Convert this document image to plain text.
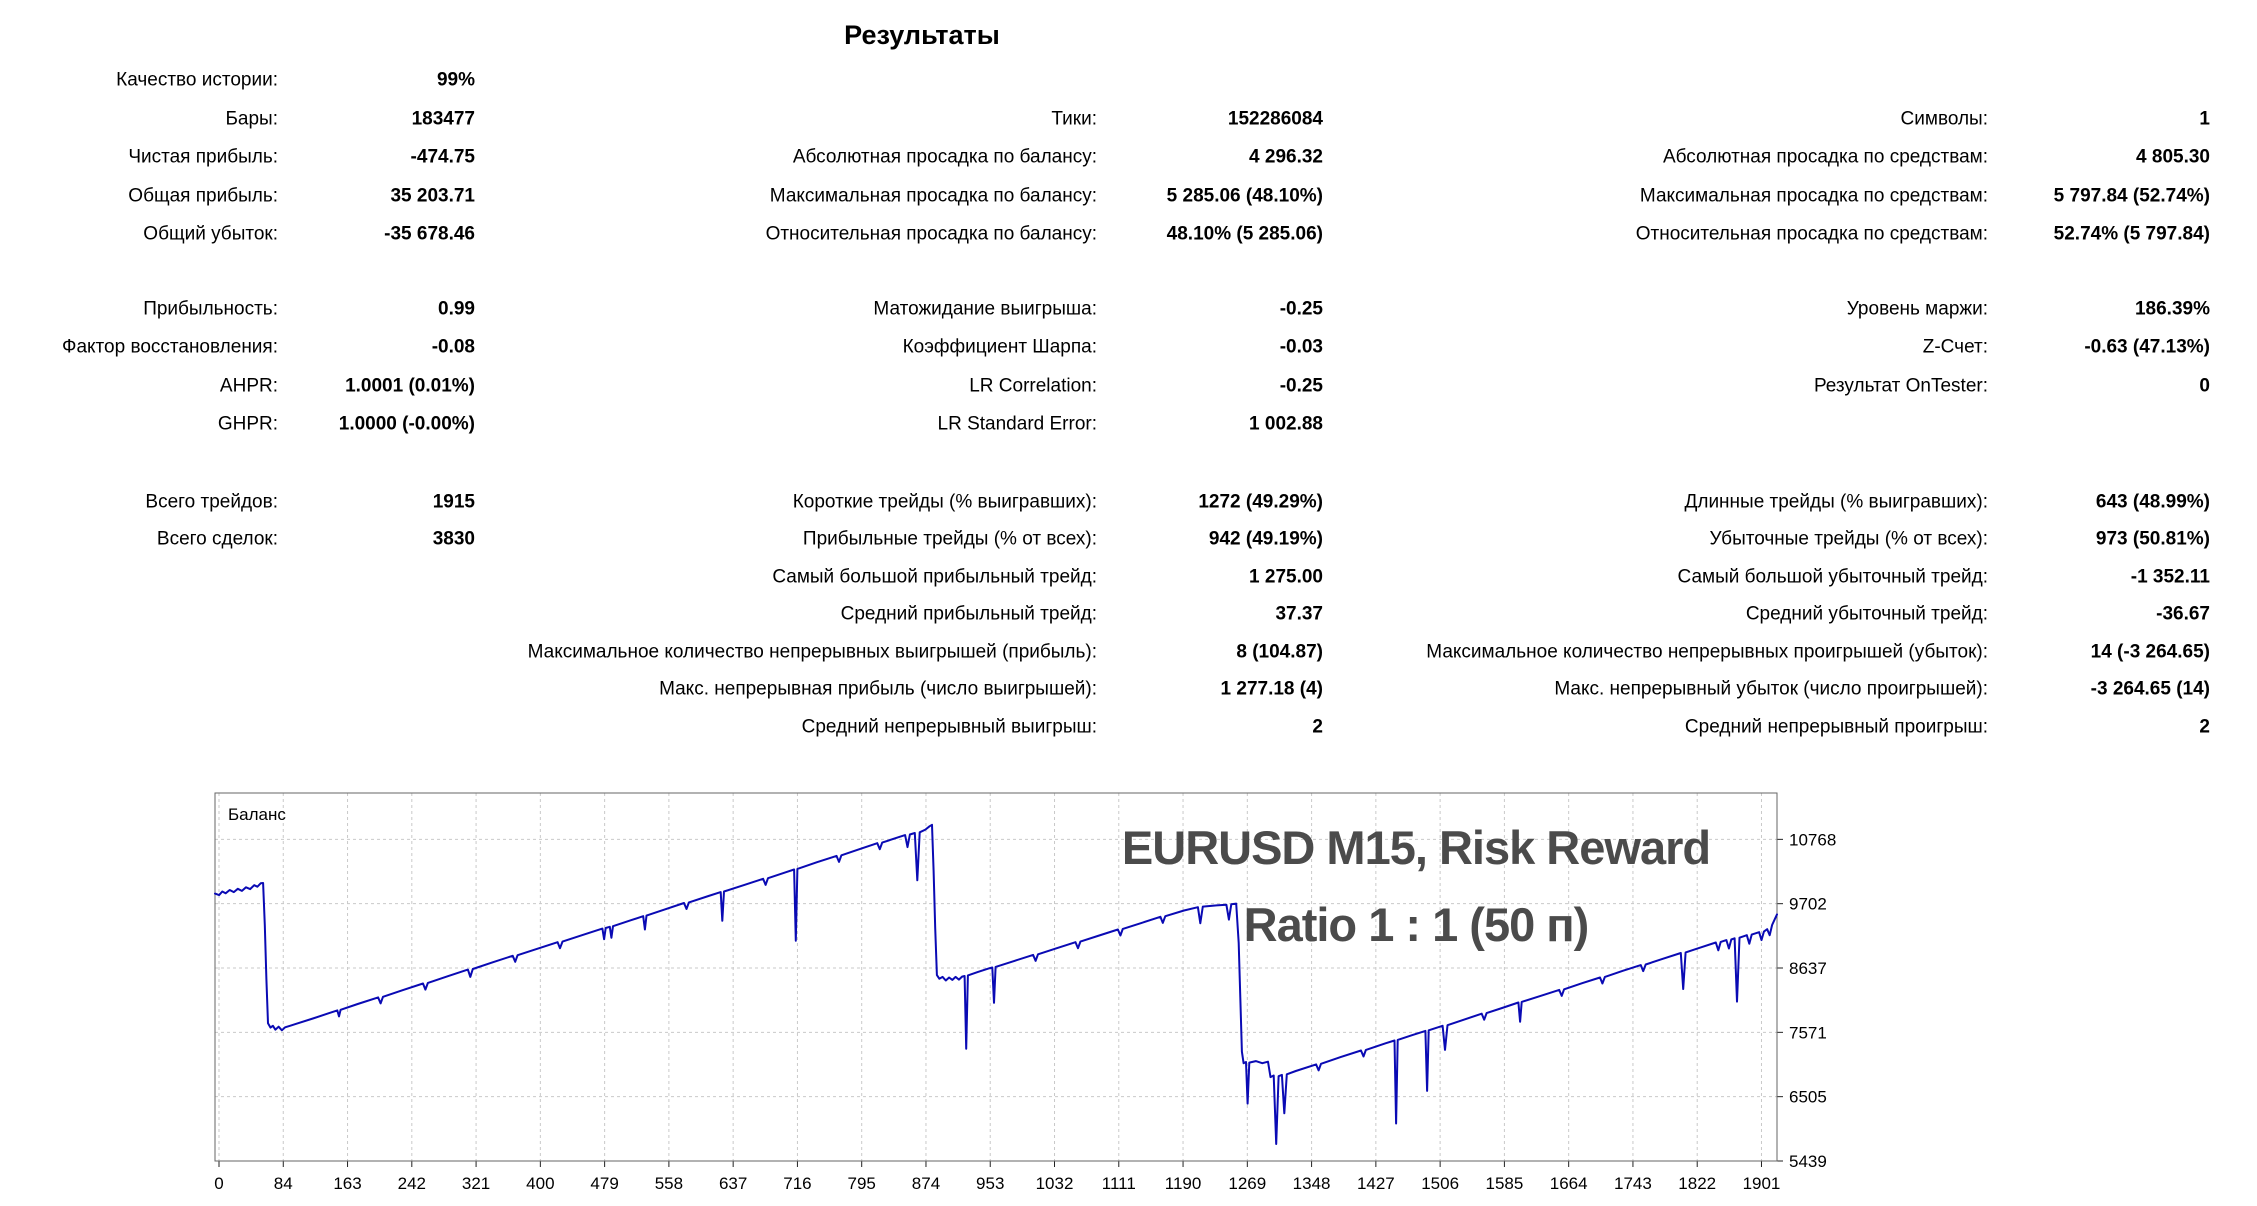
Результаты
Качество истории:	99%
Бары:	183477
Чистая прибыль:	-474.75
Общая прибыль:	35 203.71
Общий убыток:	-35 678.46
Прибыльность:	0.99
Фактор восстановления:	-0.08
AHPR:	1.0001 (0.01%)
GHPR:	1.0000 (-0.00%)
Всего трейдов:	1915
Всего сделок:	3830
Тики:	152286084
Абсолютная просадка по балансу:	4 296.32
Максимальная просадка по балансу:	5 285.06 (48.10%)
Относительная просадка по балансу:	48.10% (5 285.06)
Матожидание выигрыша:	-0.25
Коэффициент Шарпа:	-0.03
LR Correlation:	-0.25
LR Standard Error:	1 002.88
Короткие трейды (% выигравших):	1272 (49.29%)
Прибыльные трейды (% от всех):	942 (49.19%)
Самый большой прибыльный трейд:	1 275.00
Средний прибыльный трейд:	37.37
Максимальное количество непрерывных выигрышей (прибыль):	8 (104.87)
Макс. непрерывная прибыль (число выигрышей):	1 277.18 (4)
Средний непрерывный выигрыш:	2
Символы:	1
Абсолютная просадка по средствам:	4 805.30
Максимальная просадка по средствам:	5 797.84 (52.74%)
Относительная просадка по средствам:	52.74% (5 797.84)
Уровень маржи:	186.39%
Z-Счет:	-0.63 (47.13%)
Результат OnTester:	0
Длинные трейды (% выигравших):	643 (48.99%)
Убыточные трейды (% от всех):	973 (50.81%)
Самый большой убыточный трейд:	-1 352.11
Средний убыточный трейд:	-36.67
Максимальное количество непрерывных проигрышей (убыток):	14 (-3 264.65)
Макс. непрерывный убыток (число проигрышей):	-3 264.65 (14)
Средний непрерывный проигрыш:	2
0	84 163 242 321 400 479 558 637 716 795 874 953 1032 1111 1190 1269 1348 1427 1506 1585 1664 1743 1822 1901
5439
6505
7571
8637
9702
10768
EURUSD M15, Risk Reward
Ratio 1 : 1 (50 п)
Баланс
